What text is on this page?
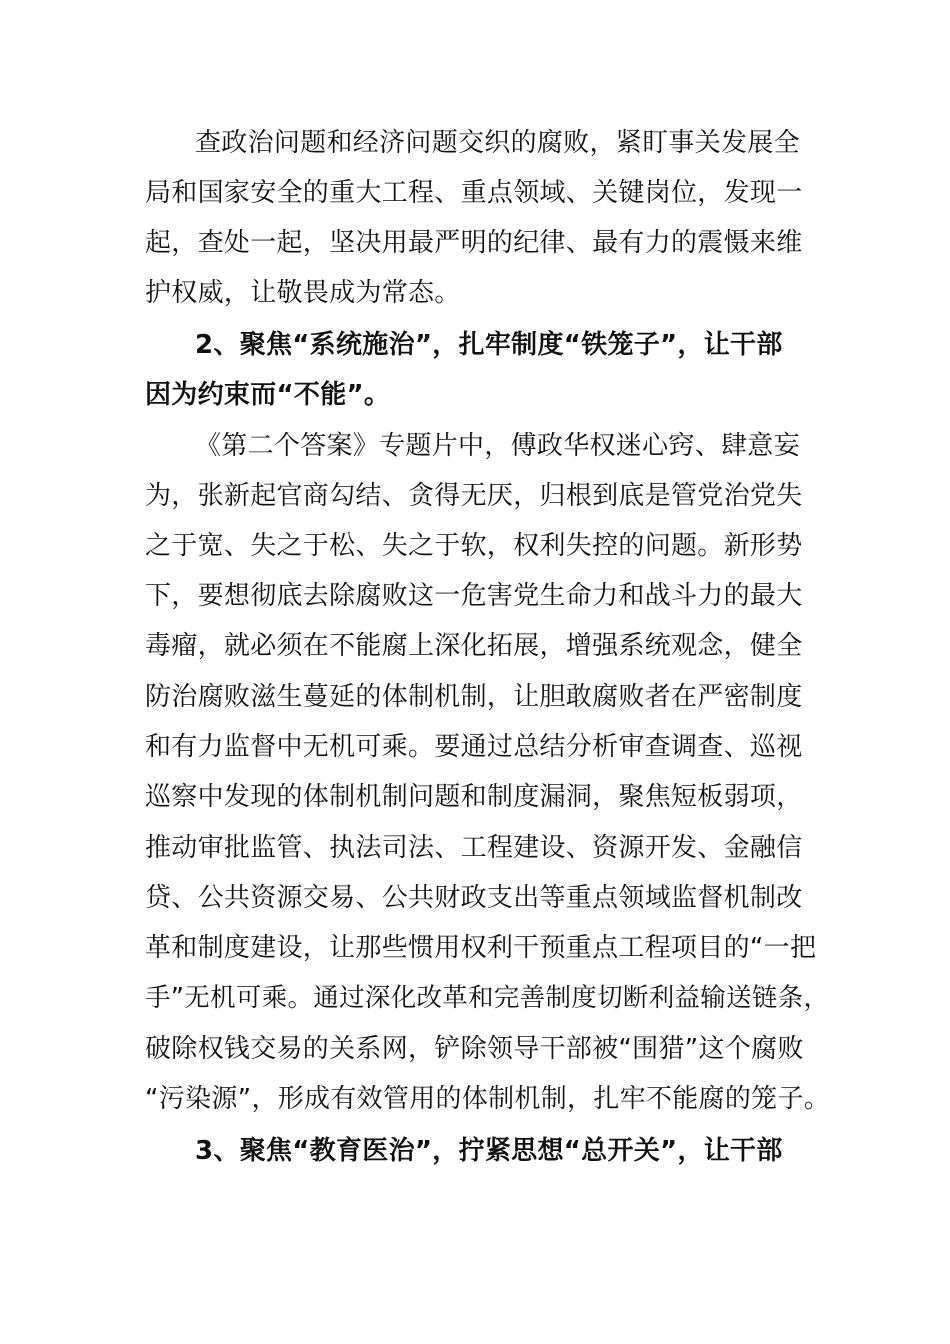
查政治问题和经济问题交织的腐败，紧盯事关发展全
局和国家安全的重大工程、重点领域、关键岗位，发现一
起，查处一起，坚决用最严明的纪律、最有力的震慑来维
护权威，让敬畏成为常态。
2、聚焦“系统施治”，扎牢制度“铁笼子”，让干部
因为约束而“不能”。
《第二个答案》专题片中，傅政华权迷心窍、肆意妄
为，张新起官商勾结、贪得无厌，归根到底是管党治党失
之于宽、失之于松、失之于软，权利失控的问题。新形势
下，要想彻底去除腐败这一危害党生命力和战斗力的最大
毒瘤，就必须在不能腐上深化拓展，增强系统观念，健全
防治腐败滋生蔓延的体制机制，让胆敢腐败者在严密制度
和有力监督中无机可乘。要通过总结分析审查调查、巡视
巡察中发现的体制机制问题和制度漏洞，聚焦短板弱项，
推动审批监管、执法司法、工程建设、资源开发、金融信
贷、公共资源交易、公共财政支出等重点领域监督机制改
革和制度建设，让那些惯用权利干预重点工程项目的“一把
手”无机可乘。通过深化改革和完善制度切断利益输送链条，
破除权钱交易的关系网，铲除领导干部被“围猎”这个腐败
“污染源”，形成有效管用的体制机制，扎牢不能腐的笼子。
3、聚焦“教育医治”，拧紧思想“总开关”，让干部
